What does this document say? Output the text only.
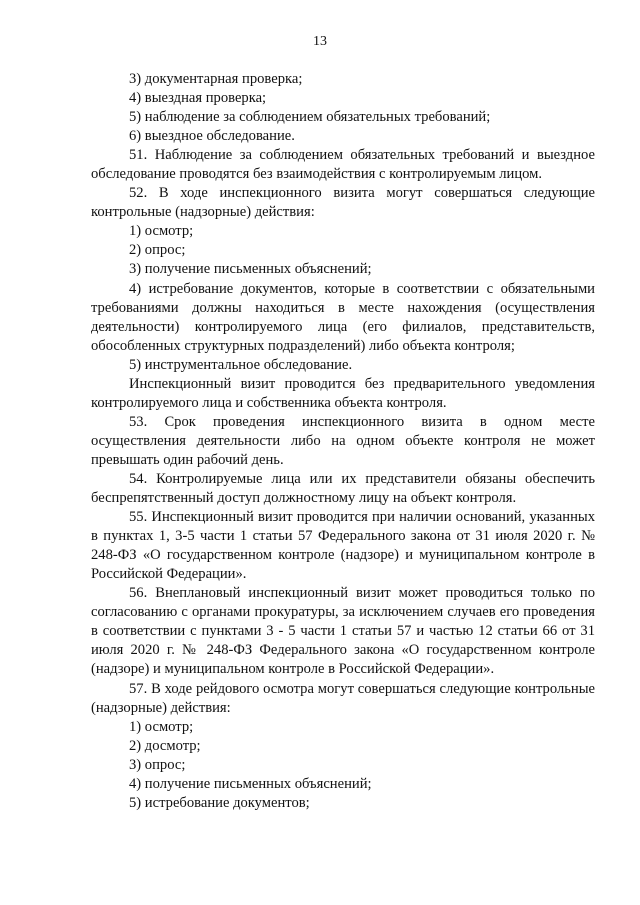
13

3) документарная проверка;

4) выездная проверка;

5) наблюдение за соблюдением обязательных требований;

6) выездное обследование.

51. Наблюдение за соблюдением обязательных требований и выездное обследование проводятся без взаимодействия с контролируемым лицом.

52. В ходе инспекционного визита могут совершаться следующие контрольные (надзорные) действия:

1) осмотр;

2) опрос;

3) получение письменных объяснений;

4) истребование документов, которые в соответствии с обязательными требованиями должны находиться в месте нахождения (осуществления деятельности) контролируемого лица (его филиалов, представительств, обособленных структурных подразделений) либо объекта контроля;

5) инструментальное обследование.

Инспекционный визит проводится без предварительного уведомления контролируемого лица и собственника объекта контроля.

53. Срок проведения инспекционного визита в одном месте осуществления деятельности либо на одном объекте контроля не может превышать один рабочий день.

54. Контролируемые лица или их представители обязаны обеспечить беспрепятственный доступ должностному лицу на объект контроля.

55. Инспекционный визит проводится при наличии оснований, указанных в пунктах 1, 3-5 части 1 статьи 57 Федерального закона от 31 июля 2020 г. № 248-ФЗ «О государственном контроле (надзоре) и муниципальном контроле в Российской Федерации».

56. Внеплановый инспекционный визит может проводиться только по согласованию с органами прокуратуры, за исключением случаев его проведения в соответствии с пунктами 3 - 5 части 1 статьи 57 и частью 12 статьи 66 от 31 июля 2020 г. № 248-ФЗ Федерального закона «О государственном контроле (надзоре) и муниципальном контроле в Российской Федерации».

57. В ходе рейдового осмотра могут совершаться следующие контрольные (надзорные) действия:

1) осмотр;

2) досмотр;

3) опрос;

4) получение письменных объяснений;

5) истребование документов;
